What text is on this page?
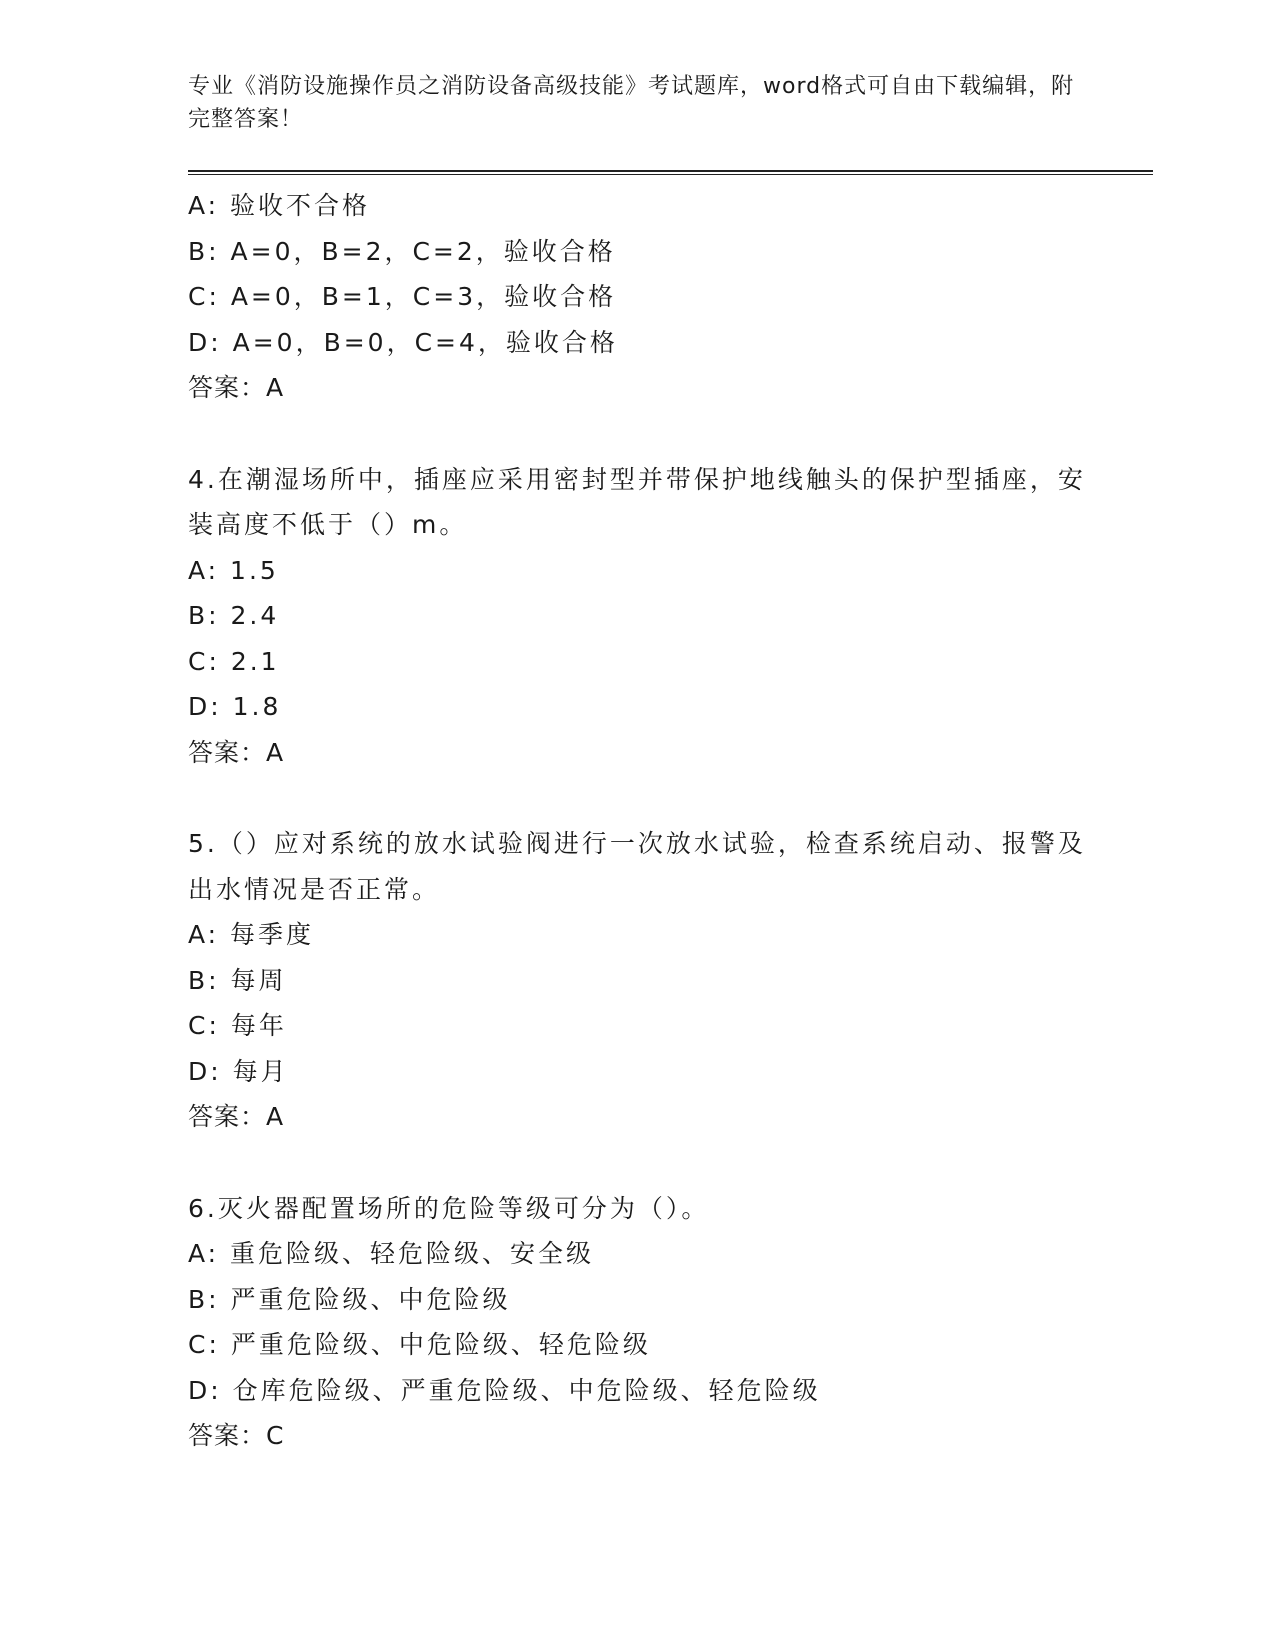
专业《消防设施操作员之消防设备高级技能》考试题库，word格式可自由下载编辑，附完整答案！

A: 验收不合格

B: A=0，B=2，C=2，验收合格

C: A=0，B=1，C=3，验收合格

D: A=0，B=0，C=4，验收合格

答案：A

4.在潮湿场所中，插座应采用密封型并带保护地线触头的保护型插座，安装高度不低于（）m。

A: 1.5

B: 2.4

C: 2.1

D: 1.8

答案：A

5.（）应对系统的放水试验阀进行一次放水试验，检查系统启动、报警及出水情况是否正常。

A: 每季度

B: 每周

C: 每年

D: 每月

答案：A

6.灭火器配置场所的危险等级可分为（）。

A: 重危险级、轻危险级、安全级

B: 严重危险级、中危险级

C: 严重危险级、中危险级、轻危险级

D: 仓库危险级、严重危险级、中危险级、轻危险级

答案：C
